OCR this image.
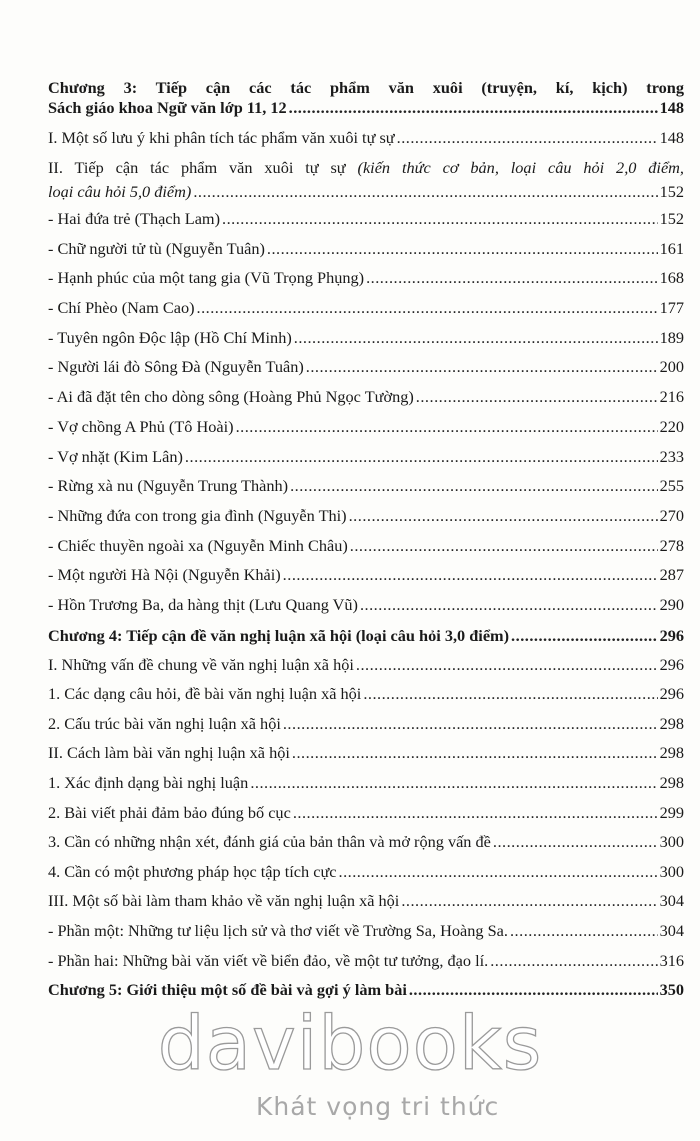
Chương 3: Tiếp cận các tác phẩm văn xuôi (truyện, kí, kịch) trong
Sách giáo khoa Ngữ văn lớp 11, 12 .....	148
I. Một số lưu ý khi phân tích tác phẩm văn xuôi tự sự .....	148
II. Tiếp cận tác phẩm văn xuôi tự sự (kiến thức cơ bản, loại câu hỏi 2,0 điểm,
loại câu hỏi 5,0 điểm) .....	152
- Hai đứa trẻ (Thạch Lam) .....	152
- Chữ người tử tù (Nguyễn Tuân) .....	161
- Hạnh phúc của một tang gia (Vũ Trọng Phụng) .....	168
- Chí Phèo (Nam Cao) .....	177
- Tuyên ngôn Độc lập (Hồ Chí Minh) .....	189
- Người lái đò Sông Đà (Nguyễn Tuân) .....	200
- Ai đã đặt tên cho dòng sông (Hoàng Phủ Ngọc Tường) .....	216
- Vợ chồng A Phủ (Tô Hoài) .....	220
- Vợ nhặt (Kim Lân) .....	233
- Rừng xà nu (Nguyễn Trung Thành) .....	255
- Những đứa con trong gia đình (Nguyễn Thi) .....	270
- Chiếc thuyền ngoài xa (Nguyễn Minh Châu) .....	278
- Một người Hà Nội (Nguyễn Khải) .....	287
- Hồn Trương Ba, da hàng thịt (Lưu Quang Vũ) .....	290
Chương 4: Tiếp cận đề văn nghị luận xã hội (loại câu hỏi 3,0 điểm) .....	296
I. Những vấn đề chung về văn nghị luận xã hội .....	296
1. Các dạng câu hỏi, đề bài văn nghị luận xã hội .....	296
2. Cấu trúc bài văn nghị luận xã hội .....	298
II. Cách làm bài văn nghị luận xã hội .....	298
1. Xác định dạng bài nghị luận .....	298
2. Bài viết phải đảm bảo đúng bố cục .....	299
3. Cần có những nhận xét, đánh giá của bản thân và mở rộng vấn đề .....	300
4. Cần có một phương pháp học tập tích cực .....	300
III. Một số bài làm tham khảo về văn nghị luận xã hội .....	304
- Phần một: Những tư liệu lịch sử và thơ viết về Trường Sa, Hoàng Sa. .....	304
- Phần hai: Những bài văn viết về biển đảo, về một tư tưởng, đạo lí. .....	316
Chương 5: Giới thiệu một số đề bài và gợi ý làm bài .....	350
davibooks
Khát vọng tri thức
